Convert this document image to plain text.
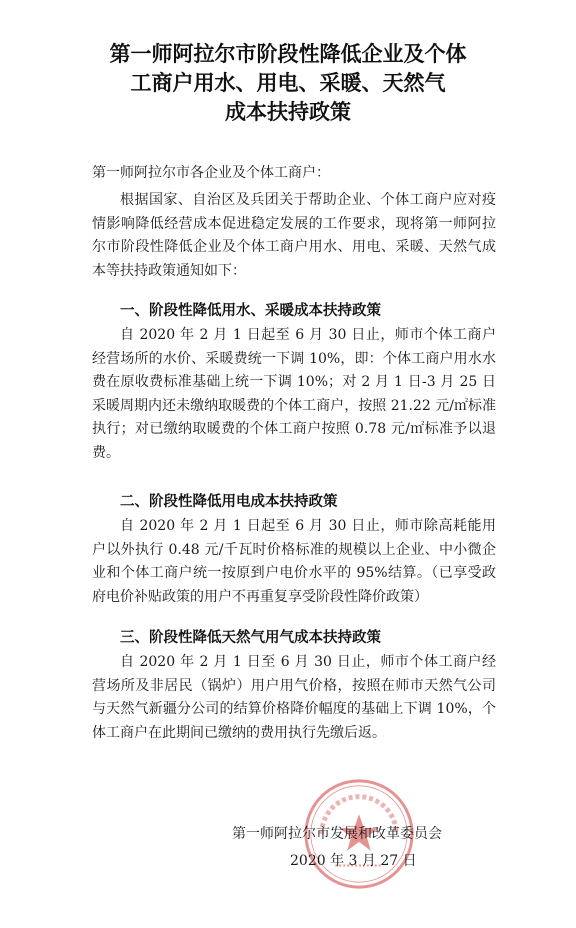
第一师阿拉尔市阶段性降低企业及个体
工商户用水、用电、采暖、天然气
成本扶持政策
第一师阿拉尔市各企业及个体工商户：
根据国家、自治区及兵团关于帮助企业、个体工商户应对疫情影响降低经营成本促进稳定发展的工作要求，现将第一师阿拉尔市阶段性降低企业及个体工商户用水、用电、采暖、天然气成本等扶持政策通知如下：
一、阶段性降低用水、采暖成本扶持政策
自 2020 年 2 月 1 日起至 6 月 30 日止，师市个体工商户经营场所的水价、采暖费统一下调 10%，即：个体工商户用水水费在原收费标准基础上统一下调 10%；对 2 月 1 日-3 月 25 日采暖周期内还未缴纳取暖费的个体工商户，按照 21.22 元/㎡标准执行；对已缴纳取暖费的个体工商户按照 0.78 元/㎡标准予以退费。
二、阶段性降低用电成本扶持政策
自 2020 年 2 月 1 日起至 6 月 30 日止，师市除高耗能用户以外执行 0.48 元/千瓦时价格标准的规模以上企业、中小微企业和个体工商户统一按原到户电价水平的 95%结算。（已享受政府电价补贴政策的用户不再重复享受阶段性降价政策）
三、阶段性降低天然气用气成本扶持政策
自 2020 年 2 月 1 日至 6 月 30 日止，师市个体工商户经营场所及非居民（锅炉）用户用气价格，按照在师市天然气公司与天然气新疆分公司的结算价格降价幅度的基础上下调 10%，个体工商户在此期间已缴纳的费用执行先缴后返。
第一师阿拉尔市发展和改革委员会
2020 年 3 月 27 日
